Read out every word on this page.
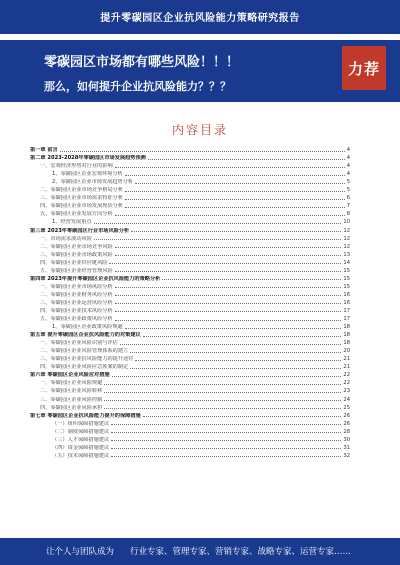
提升零碳园区企业抗风险能力策略研究报告
零碳园区市场都有哪些风险！！！
那么，如何提升企业抗风险能力？？？
力荐
内容目录
第一章 前言	4
第二章 2023-2028年零碳园区市场发展趋势预测	4
一、宏观经济形势对行业的影响	4
1、零碳园区企业宏观环境分析	4
2、零碳园区企业市场发展趋势分析	5
二、零碳园区企业市场竞争格局分析	5
三、零碳园区企业市场需求特征分析	6
四、零碳园区企业市场发展现状分析	7
五、零碳园区企业发展方向分析	8
1、经营发展重点	10
第三章 2023年零碳园区行业市场风险分析	12
一、市场需求波动风险	12
二、零碳园区企业市场竞争风险	12
三、零碳园区企业市场政策风险	13
四、零碳园区企业供应链风险	14
五、零碳园区企业经营管理风险	15
第四章 2023年提升零碳园区企业抗风险能力的策略分析	15
一、零碳园区企业市场风险分析	15
二、零碳园区企业财务风险分析	16
三、零碳园区企业运营风险分析	16
四、零碳园区企业技术风险分析	17
五、零碳园区企业政策风险分析	17
1、零碳园区企业政策风险规避	18
第五章 提升零碳园区企业抗风险能力的对策建议	18
一、零碳园区企业风险识别与评估	18
二、零碳园区企业风险管理体系的建立	20
三、零碳园区企业抗风险能力的提升途径	21
四、零碳园区企业风险应急预案的制定	21
第六章 零碳园区企业风险应对措施	22
一、零碳园区企业风险规避	22
二、零碳园区企业风险转移	23
三、零碳园区企业风险控制	24
四、零碳园区企业风险承担	25
第七章 零碳园区企业抗风险能力提升的保障措施	26
（一）组织保障措施建议	26
（二）制度保障措施建议	28
（三）人才保障措施建议	30
（四）资金保障措施建议	31
（五）技术保障措施建议	32
让个人与团队成为 行业专家、管理专家、营销专家、战略专家、运营专家……
